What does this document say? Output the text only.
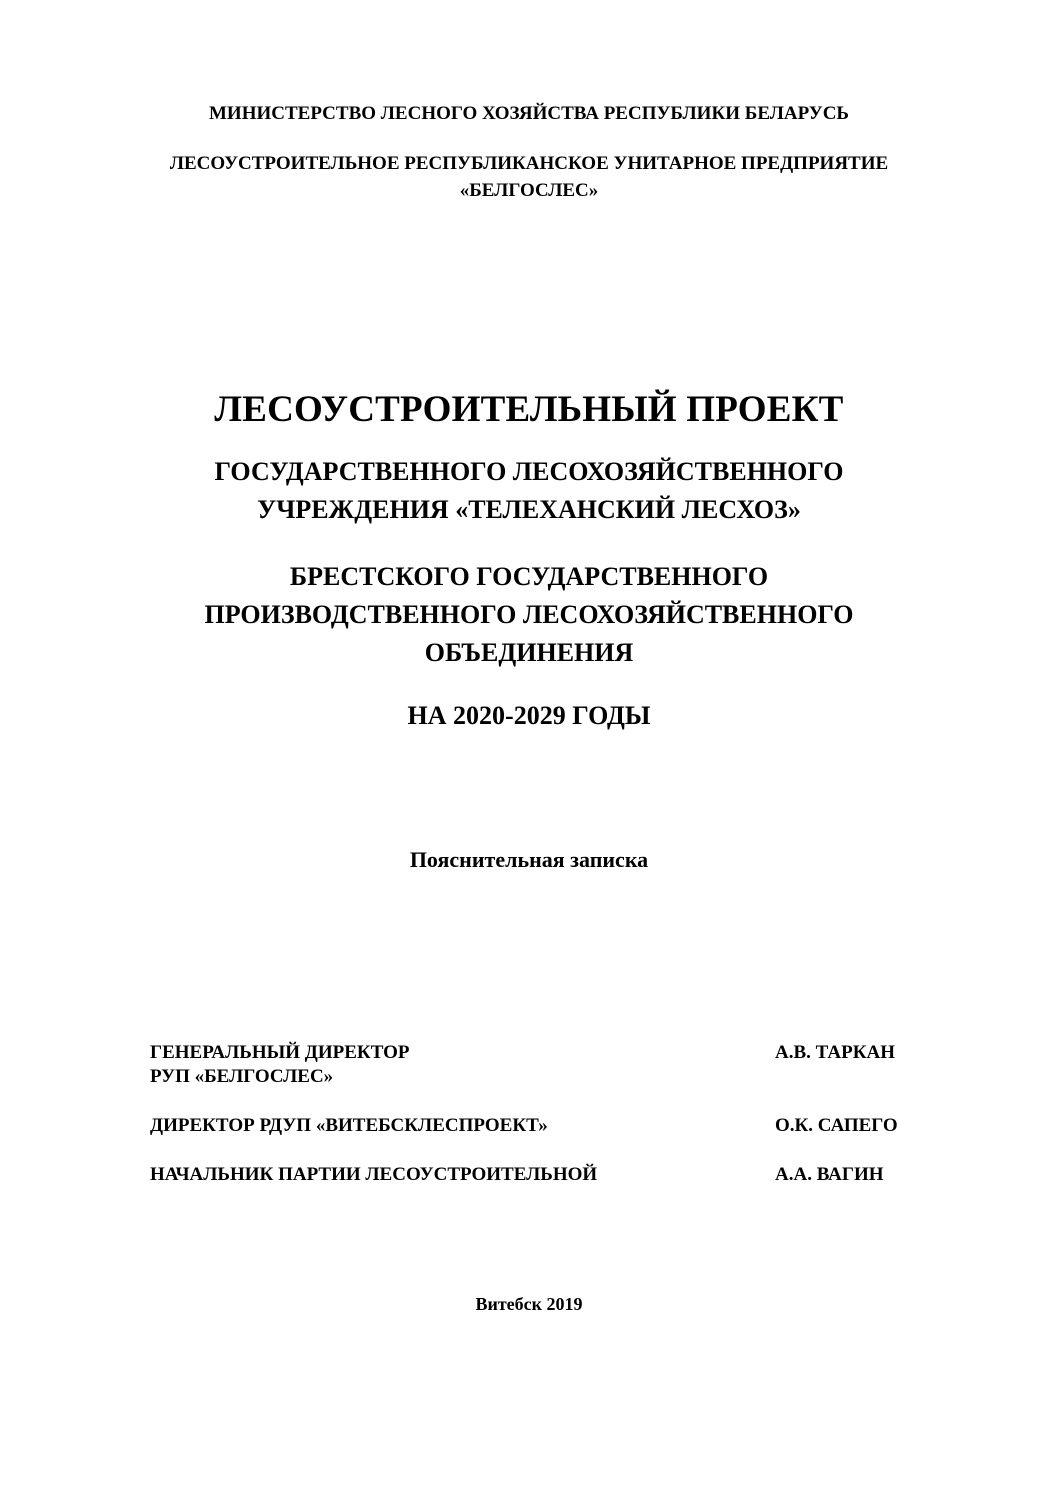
МИНИСТЕРСТВО ЛЕСНОГО ХОЗЯЙСТВА РЕСПУБЛИКИ БЕЛАРУСЬ
ЛЕСОУСТРОИТЕЛЬНОЕ РЕСПУБЛИКАНСКОЕ УНИТАРНОЕ ПРЕДПРИЯТИЕ
«БЕЛГОСЛЕС»
ЛЕСОУСТРОИТЕЛЬНЫЙ ПРОЕКТ
ГОСУДАРСТВЕННОГО ЛЕСОХОЗЯЙСТВЕННОГО
УЧРЕЖДЕНИЯ «ТЕЛЕХАНСКИЙ ЛЕСХОЗ»
БРЕСТСКОГО ГОСУДАРСТВЕННОГО
ПРОИЗВОДСТВЕННОГО ЛЕСОХОЗЯЙСТВЕННОГО
ОБЪЕДИНЕНИЯ
НА 2020-2029 ГОДЫ
Пояснительная записка
ГЕНЕРАЛЬНЫЙ ДИРЕКТОР
РУП «БЕЛГОСЛЕС»
А.В. ТАРКАН
ДИРЕКТОР РДУП «ВИТЕБСКЛЕСПРОЕКТ»	О.К. САПЕГО
НАЧАЛЬНИК ПАРТИИ ЛЕСОУСТРОИТЕЛЬНОЙ	А.А. ВАГИН
Витебск 2019
